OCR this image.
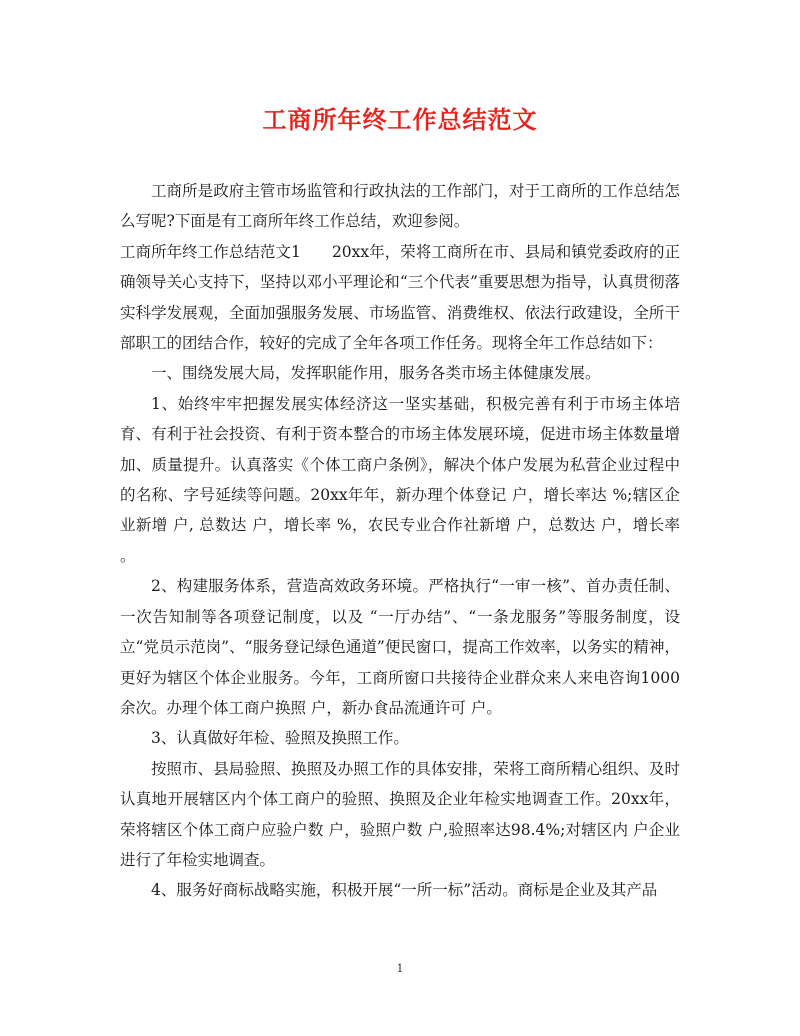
工商所年终工作总结范文

工商所是政府主管市场监管和行政执法的工作部门，对于工商所的工作总结怎么写呢?下面是有工商所年终工作总结，欢迎参阅。

工商所年终工作总结范文1　　20xx年，荣将工商所在市、县局和镇党委政府的正确领导关心支持下，坚持以邓小平理论和“三个代表”重要思想为指导，认真贯彻落实科学发展观，全面加强服务发展、市场监管、消费维权、依法行政建设，全所干部职工的团结合作，较好的完成了全年各项工作任务。现将全年工作总结如下：

一、围绕发展大局，发挥职能作用，服务各类市场主体健康发展。

1、始终牢牢把握发展实体经济这一坚实基础，积极完善有利于市场主体培育、有利于社会投资、有利于资本整合的市场主体发展环境，促进市场主体数量增加、质量提升。认真落实《个体工商户条例》，解决个体户发展为私营企业过程中的名称、字号延续等问题。20xx年年，新办理个体登记 户，增长率达 %;辖区企业新增 户, 总数达 户，增长率 %，农民专业合作社新增 户，总数达 户，增长率 。

2、构建服务体系，营造高效政务环境。严格执行“一审一核”、首办责任制、一次告知制等各项登记制度，以及 “一厅办结”、“一条龙服务”等服务制度，设立“党员示范岗”、“服务登记绿色通道”便民窗口，提高工作效率，以务实的精神，更好为辖区个体企业服务。今年，工商所窗口共接待企业群众来人来电咨询1000余次。办理个体工商户换照 户，新办食品流通许可 户。

3、认真做好年检、验照及换照工作。

按照市、县局验照、换照及办照工作的具体安排，荣将工商所精心组织、及时认真地开展辖区内个体工商户的验照、换照及企业年检实地调查工作。20xx年，荣将辖区个体工商户应验户数 户，验照户数 户,验照率达98.4%;对辖区内 户企业进行了年检实地调查。

4、服务好商标战略实施，积极开展“一所一标”活动。商标是企业及其产品

1
